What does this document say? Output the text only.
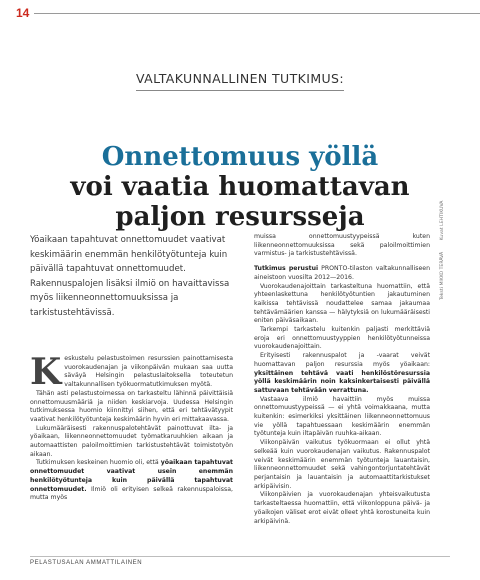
14
VALTAKUNNALLINEN TUTKIMUS:
Onnettomuus yöllä
voi vaatia huomattavan
paljon resursseja
Yöaikaan tapahtuvat onnettomuudet vaativat keskimäärin enemmän henkilötyötunteja kuin päivällä tapahtuvat onnettomuudet. Rakennuspalojen lisäksi ilmiö on havaittavissa myös liikenneonnettomuuksissa ja tarkistustehtävissä.
Teksti MIKKO TERÄVÄ Kuvat LEHTIKUVA

Keskustelu pelastustoimen resurssien painottamisesta vuorokaudenajan ja viikonpäivän mukaan saa uutta säväyä Helsingin pelastuslaitoksella toteutetun valtakunnallisen työkuormatutkimuksen myötä.

Tähän asti pelastustoimessa on tarkasteltu lähinnä päivittäisiä onnettomuusmääriä ja niiden keskiarvoja. Uudessa Helsingin tutkimuksessa huomio kiinnittyi siihen, että eri tehtävätyypit vaativat henkilötyötunteja keskimäärin hyvin eri mittakaavassa.

Lukumääräisesti rakennuspalotehtävät painottuvat ilta- ja yöaikaan, liikenneonnettomuudet työmatkaruuhkien aikaan ja automaattisten paloilmoittimien tarkistustehtävät toimistotyön aikaan.

Tutkimuksen keskeinen huomio oli, että yöaikaan tapahtuvat onnettomuudet vaativat usein enemmän henkilötyötunteja kuin päivällä tapahtuvat onnettomuudet. Ilmiö oli erityisen selkeä rakennuspaloissa, mutta myös

muissa onnettomuustyypeissä kuten liikenneonnettomuuksissa sekä paloilmoittimien varmistus- ja tarkistustehtävissä.

Tutkimus perustui PRONTO-tilaston valtakunnalliseen aineistoon vuosilta 2012—2016.

Vuorokaudenajoittain tarkasteltuna huomattiin, että yhteenlaskettuna henkilötyötuntien jakautuminen kaikissa tehtävissä noudattelee samaa jakaumaa tehtävämäärien kanssa — hälytyksiä on lukumääräisesti eniten päiväsaikaan.

Tarkempi tarkastelu kuitenkin paljasti merkittäviä eroja eri onnettomuustyyppien henkilötyötunneissa vuorokaudenajoittain.

Erityisesti rakennuspalot ja -vaarat veivät huomattavan paljon resurssia myös yöaikaan: yksittäinen tehtävä vaati henkilöstöresurssia yöllä keskimäärin noin kaksinkertaisesti päivällä sattuvaan tehtävään verrattuna.

Vastaava ilmiö havaittiin myös muissa onnettomuustyypeissä — ei yhtä voimakkaana, mutta kuitenkin: esimerkiksi yksittäinen liikenneonnettomuus vie yöllä tapahtuessaan keskimäärin enemmän työtunteja kuin iltapäivän ruuhka-aikaan.

Viikonpäivän vaikutus työkuormaan ei ollut yhtä selkeää kuin vuorokaudenajan vaikutus. Rakennuspalot veivät keskimäärin enemmän työtunteja lauantaisin, liikenneonnettomuudet sekä vahingontorjuntatehtävät perjantaisin ja lauantaisin ja automaattitarkistukset arkipäivisin.

Viikonpäivien ja vuorokaudenajan yhteisvaikutusta tarkasteltaessa huomattiin, että viikonloppuna päivä- ja yöaikojen väliset erot eivät olleet yhtä korostuneita kuin arkipäivinä.

PELASTUSALAN AMMATTILAINEN
